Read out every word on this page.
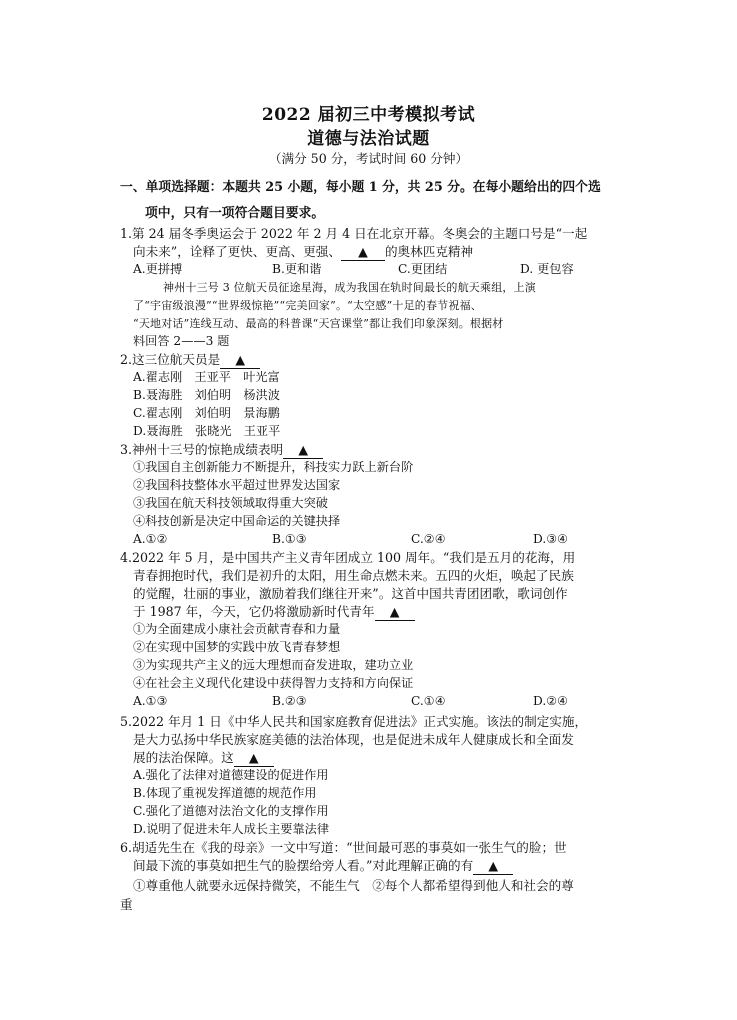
2022 届初三中考模拟考试
道德与法治试题
（满分 50 分，考试时间 60 分钟）
一、单项选择题：本题共 25 小题，每小题 1 分，共 25 分。在每小题给出的四个选
项中，只有一项符合题目要求。
1.第 24 届冬季奥运会于 2022 年 2 月 4 日在北京开幕。冬奥会的主题口号是“一起
向未来”，诠释了更快、更高、更强、 ▲ 的奥林匹克精神
A.更拼搏	B.更和谐	C.更团结	D. 更包容
神州十三号 3 位航天员征途星海，成为我国在轨时间最长的航天乘组，上演
了“宇宙级浪漫”“世界级惊艳”“完美回家”。“太空感”十足的春节祝福、
“天地对话”连线互动、最高的科普课“天宫课堂”都让我们印象深刻。根据材
料回答 2——3 题
2.这三位航天员是 ▲
A.翟志刚　王亚平　叶光富
B.聂海胜　刘伯明　杨洪波
C.翟志刚　刘伯明　景海鹏
D.聂海胜　张晓光　王亚平
3.神州十三号的惊艳成绩表明 ▲
①我国自主创新能力不断提升，科技实力跃上新台阶
②我国科技整体水平超过世界发达国家
③我国在航天科技领域取得重大突破
④科技创新是决定中国命运的关键抉择
A.①②	B.①③	C.②④	D.③④
4.2022 年 5 月，是中国共产主义青年团成立 100 周年。“我们是五月的花海，用
青春拥抱时代，我们是初升的太阳，用生命点燃未来。五四的火炬，唤起了民族
的觉醒，壮丽的事业，激励着我们继往开来”。这首中国共青团团歌，歌词创作
于 1987 年，今天，它仍将激励新时代青年 ▲
①为全面建成小康社会贡献青春和力量
②在实现中国梦的实践中放飞青春梦想
③为实现共产主义的远大理想而奋发进取，建功立业
④在社会主义现代化建设中获得智力支持和方向保证
A.①③	B.②③	C.①④	D.②④
5.2022 年月 1 日《中华人民共和国家庭教育促进法》正式实施。该法的制定实施，
是大力弘扬中华民族家庭美德的法治体现，也是促进未成年人健康成长和全面发
展的法治保障。这 ▲
A.强化了法律对道德建设的促进作用
B.体现了重视发挥道德的规范作用
C.强化了道德对法治文化的支撑作用
D.说明了促进未年人成长主要靠法律
6.胡适先生在《我的母亲》一文中写道：“世间最可恶的事莫如一张生气的脸；世
间最下流的事莫如把生气的脸摆给旁人看。”对此理解正确的有 ▲
①尊重他人就要永远保持微笑，不能生气　②每个人都希望得到他人和社会的尊
重
